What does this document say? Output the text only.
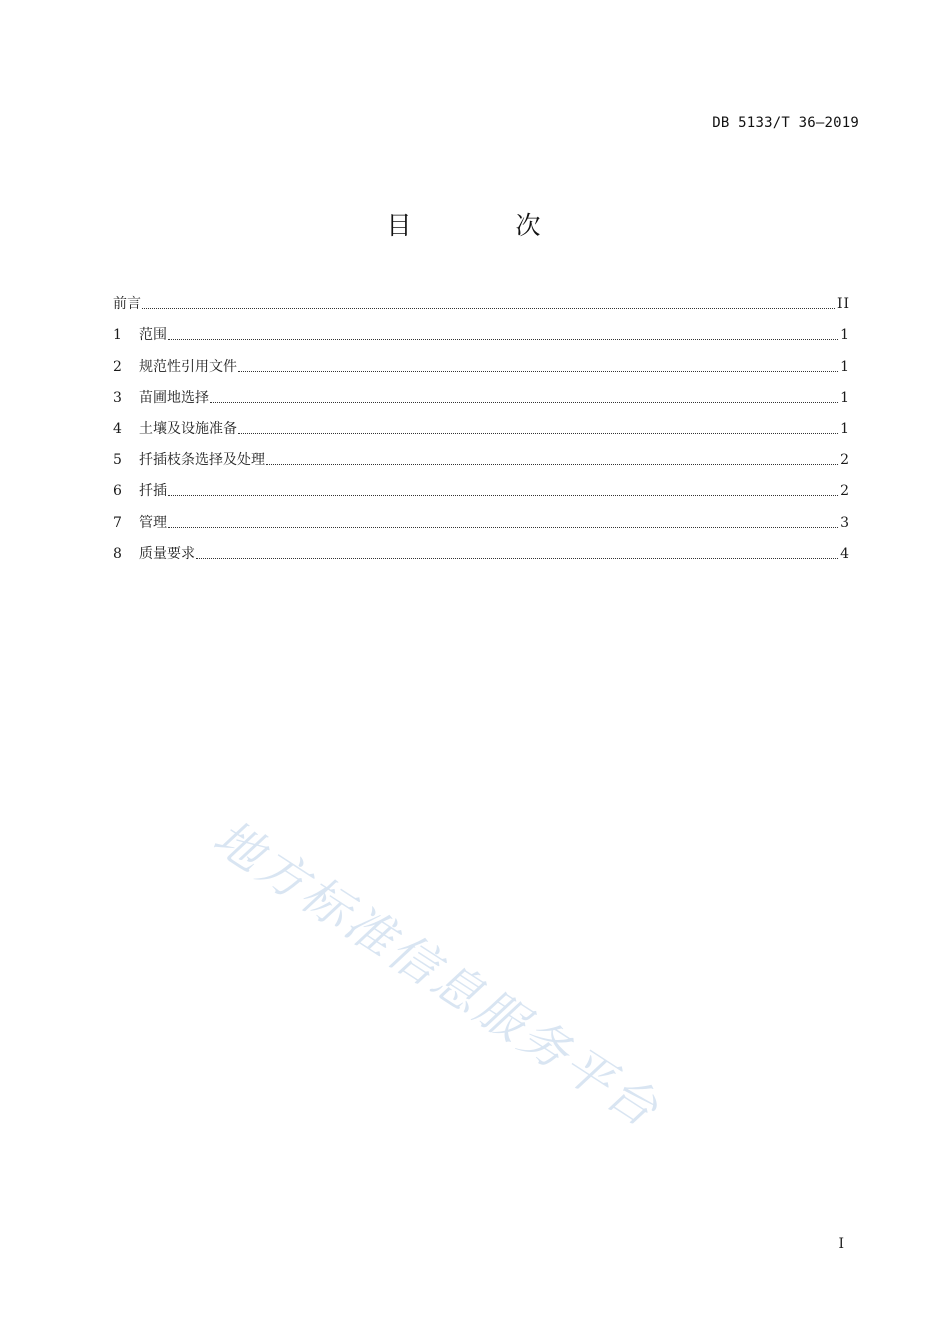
DB 5133/T 36—2019
目 次
前言	II
1	范围	1
2	规范性引用文件	1
3	苗圃地选择	1
4	土壤及设施准备	1
5	扦插枝条选择及处理	2
6	扦插	2
7	管理	3
8	质量要求	4
地方标准信息服务平台
I
